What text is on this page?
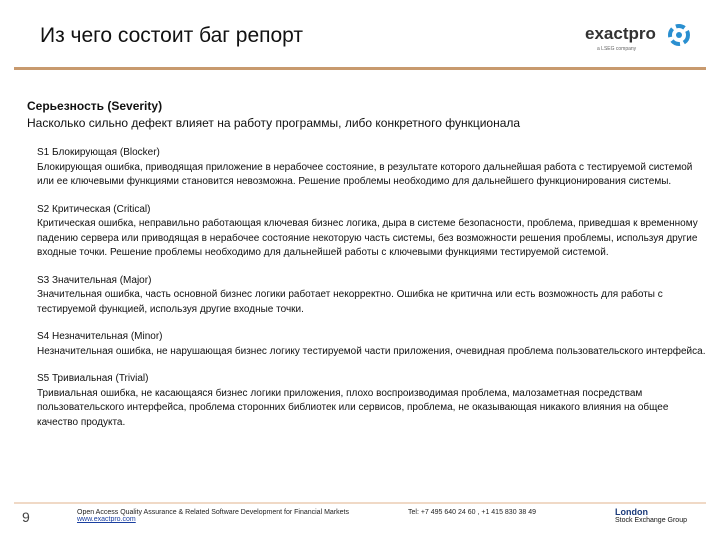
Из чего состоит баг репорт	exactpro
a LSEG company
Серьезность (Severity)
Насколько сильно дефект влияет на работу программы, либо конкретного функционала
S1 Блокирующая (Blocker)
Блокирующая ошибка, приводящая приложение в нерабочее состояние, в результате которого дальнейшая работа с тестируемой системой или ее ключевыми функциями становится невозможна. Решение проблемы необходимо для дальнейшего функционирования системы.
S2 Критическая (Critical)
Критическая ошибка, неправильно работающая ключевая бизнес логика, дыра в системе безопасности, проблема, приведшая к временному падению сервера или приводящая в нерабочее состояние некоторую часть системы, без возможности решения проблемы, используя другие входные точки. Решение проблемы необходимо для дальнейшей работы с ключевыми функциями тестируемой системой.
S3 Значительная (Major)
Значительная ошибка, часть основной бизнес логики работает некорректно. Ошибка не критична или есть возможность для работы с тестируемой функцией, используя другие входные точки.
S4 Незначительная (Minor)
Незначительная ошибка, не нарушающая бизнес логику тестируемой части приложения, очевидная проблема пользовательского интерфейса.
S5 Тривиальная (Trivial)
Тривиальная ошибка, не касающаяся бизнес логики приложения, плохо воспроизводимая проблема, малозаметная посредствам пользовательского интерфейса, проблема сторонних библиотек или сервисов, проблема, не оказывающая никакого влияния на общее качество продукта.
9	Open Access Quality Assurance & Related Software Development for Financial Markets
www.exactpro.com
Tel: +7 495 640 24 60 , +1 415 830 38 49	London
Stock Exchange Group
